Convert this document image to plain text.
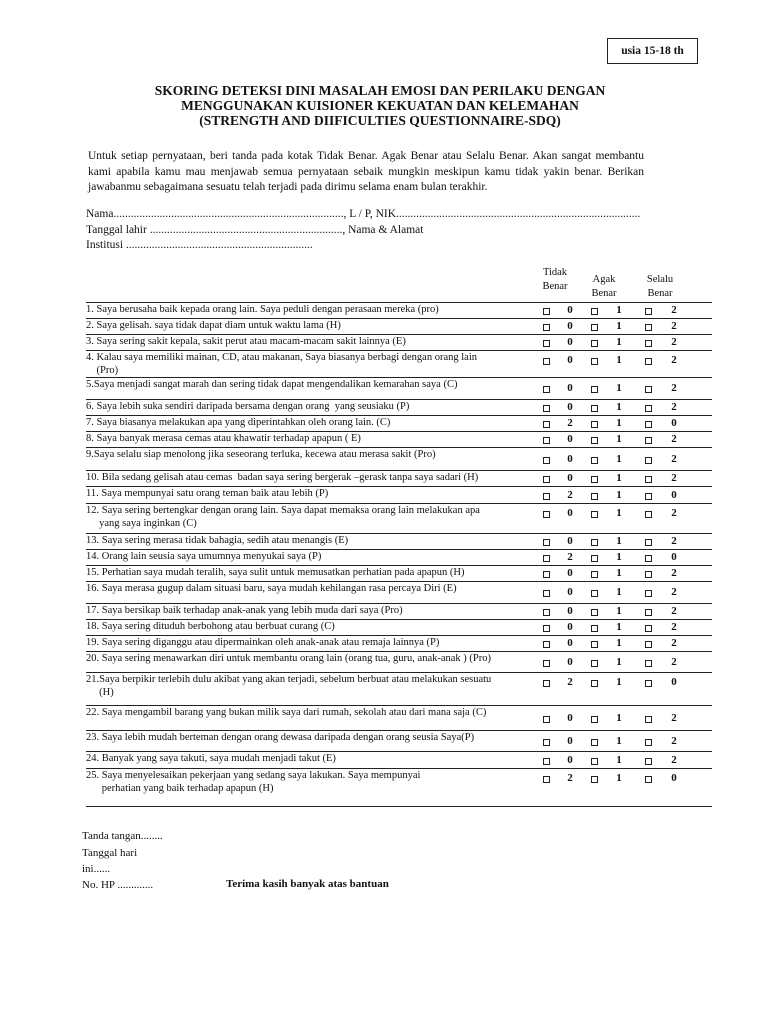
usia 15-18 th
SKORING DETEKSI DINI MASALAH EMOSI DAN PERILAKU DENGAN
MENGGUNAKAN KUISIONER KEKUATAN DAN KELEMAHAN
(STRENGTH AND DIIFICULTIES QUESTIONNAIRE-SDQ)
Untuk setiap pernyataan, beri tanda pada kotak Tidak Benar. Agak Benar atau Selalu Benar. Akan sangat membantu kami apabila kamu mau menjawab semua pernyataan sebaik mungkin meskipun kamu tidak yakin benar. Berikan jawabanmu sebagaimana sesuatu telah terjadi pada dirimu selama enam bulan terakhir.
Nama................................................................................, L / P, NIK.....................................................................................
Tanggal lahir ..................................................................., Nama & Alamat
Institusi .................................................................
Tidak
Benar
Agak
Benar
Selalu
Benar
1. Saya berusaha baik kepada orang lain. Saya peduli dengan perasaan mereka (pro)	0	1	2
2. Saya gelisah. saya tidak dapat diam untuk waktu lama (H)	0	1	2
3. Saya sering sakit kepala, sakit perut atau macam-macam sakit lainnya (E)	0	1	2
4. Kalau saya memiliki mainan, CD, atau makanan, Saya biasanya berbagi dengan orang lain
(Pro)
0	1	2
5.Saya menjadi sangat marah dan sering tidak dapat mengendalikan kemarahan saya (C)	0	1	2
6. Saya lebih suka sendiri daripada bersama dengan orang  yang seusiaku (P)	0	1	2
7. Saya biasanya melakukan apa yang diperintahkan oleh orang lain. (C)	2	1	0
8. Saya banyak merasa cemas atau khawatir terhadap apapun ( E)	0	1	2
9.Saya selalu siap menolong jika seseorang terluka, kecewa atau merasa sakit (Pro)	0	1	2
10. Bila sedang gelisah atau cemas  badan saya sering bergerak –gerask tanpa saya sadari (H)	0	1	2
11. Saya mempunyai satu orang teman baik atau lebih (P)	2	1	0
12. Saya sering bertengkar dengan orang lain. Saya dapat memaksa orang lain melakukan apa
yang saya inginkan (C)
0	1	2
13. Saya sering merasa tidak bahagia, sedih atau menangis (E)	0	1	2
14. Orang lain seusia saya umumnya menyukai saya (P)	2	1	0
15. Perhatian saya mudah teralih, saya sulit untuk memusatkan perhatian pada apapun (H)	0	1	2
16. Saya merasa gugup dalam situasi baru, saya mudah kehilangan rasa percaya Diri (E)	0	1	2
17. Saya bersikap baik terhadap anak-anak yang lebih muda dari saya (Pro)	0	1	2
18. Saya sering dituduh berbohong atau berbuat curang (C)	0	1	2
19. Saya sering diganggu atau dipermainkan oleh anak-anak atau remaja lainnya (P)	0	1	2
20. Saya sering menawarkan diri untuk membantu orang lain (orang tua, guru, anak-anak ) (Pro)	0	1	2
21.Saya berpikir terlebih dulu akibat yang akan terjadi, sebelum berbuat atau melakukan sesuatu
(H)
2	1	0
22. Saya mengambil barang yang bukan milik saya dari rumah, sekolah atau dari mana saja (C)	0	1	2
23. Saya lebih mudah berteman dengan orang dewasa daripada dengan orang seusia Saya(P)	0	1	2
24. Banyak yang saya takuti, saya mudah menjadi takut (E)	0	1	2
25. Saya menyelesaikan pekerjaan yang sedang saya lakukan. Saya mempunyai
perhatian yang baik terhadap apapun (H)
2	1	0
Tanda tangan........
Tanggal hari
ini......
No. HP .............	Terima kasih banyak atas bantuan
